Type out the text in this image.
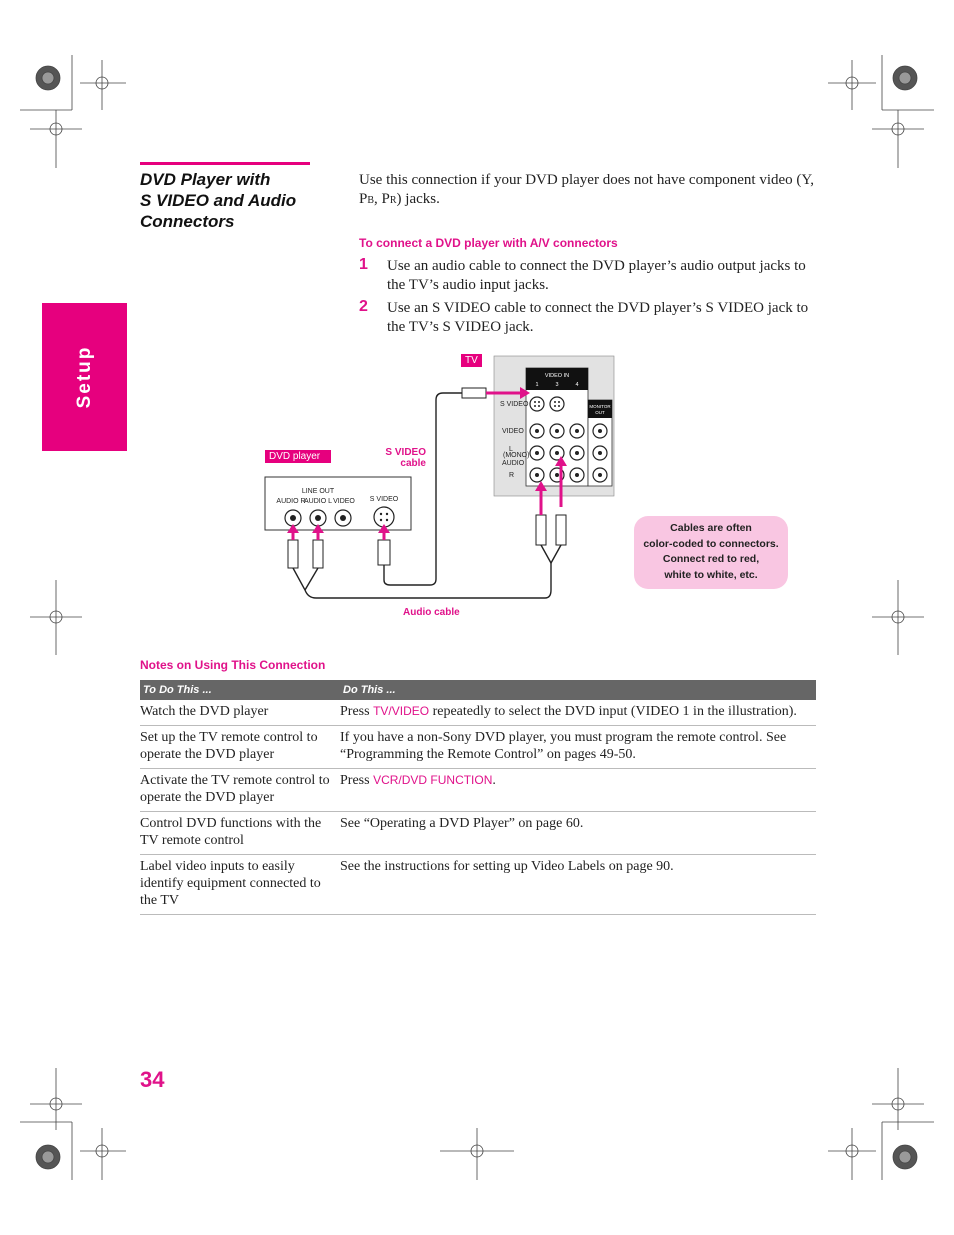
Setup
DVD Player with
S VIDEO and Audio
Connectors
Use this connection if your DVD player does not have component video (Y, PB, PR) jacks.
To connect a DVD player with A/V connectors
1 Use an audio cable to connect the DVD player’s audio output jacks to the TV’s audio input jacks.
2 Use an S VIDEO cable to connect the DVD player’s S VIDEO jack to the TV’s S VIDEO jack.
VIDEO IN
1	3	4
MONITOR
OUT
S VIDEO
VIDEO
L
(MONO)
AUDIO
R
LINE OUT
AUDIO R
AUDIO L VIDEO S VIDEO
TV
DVD player	S VIDEO
cable
Audio cable
Cables are often
color-coded to connectors.
Connect red to red,
white to white, etc.
Notes on Using This Connection
To Do This ...	Do This ...
Watch the DVD player	Press TV/VIDEO repeatedly to select the DVD input (VIDEO 1 in the illustration).
Set up the TV remote control to operate the DVD player	If you have a non-Sony DVD player, you must program the remote control. See “Programming the Remote Control” on pages 49-50.
Activate the TV remote control to operate the DVD player	Press VCR/DVD FUNCTION.
Control DVD functions with the TV remote control	See “Operating a DVD Player” on page 60.
Label video inputs to easily identify equipment connected to the TV	See the instructions for setting up Video Labels on page 90.
34
